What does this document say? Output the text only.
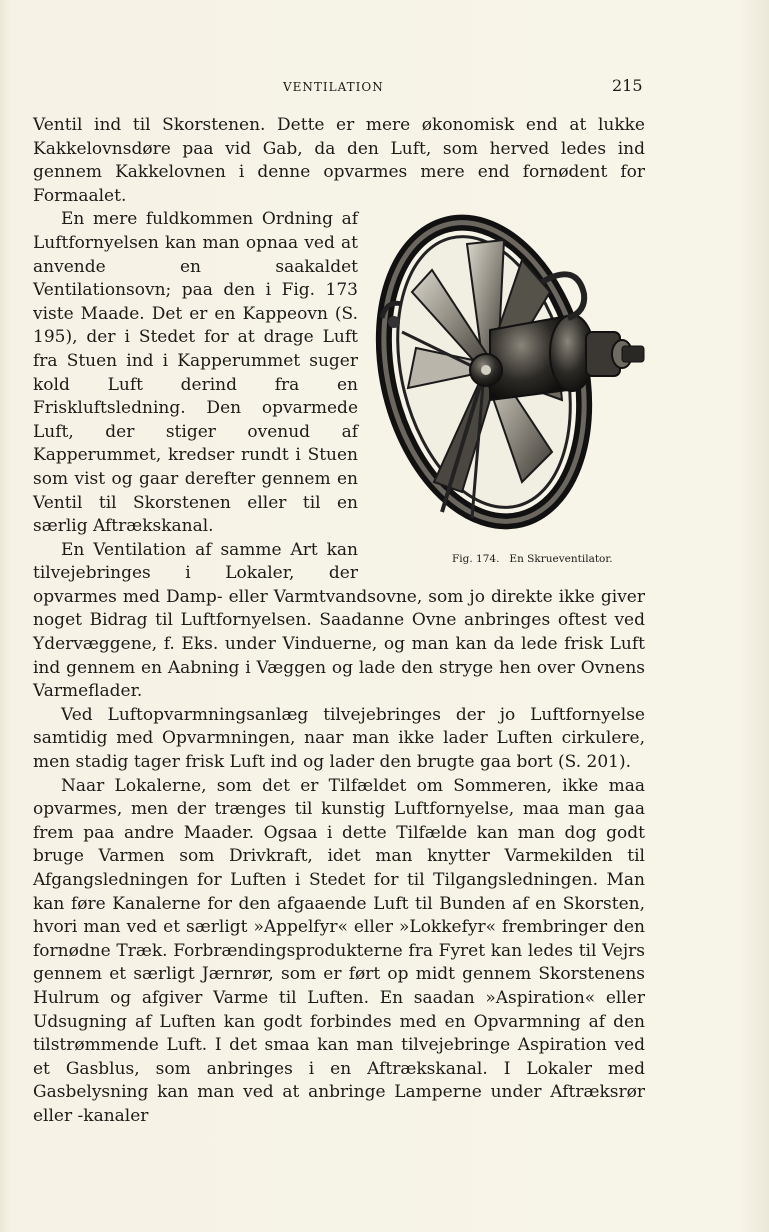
VENTILATION	215

Ventil ind til Skorstenen. Dette er mere økonomisk end at lukke Kakkelovnsdøre paa vid Gab, da den Luft, som herved ledes ind gennem Kakkelovnen i denne opvarmes mere end fornødent for Formaalet.

Fig. 174. En Skrueventilator.
En mere fuldkommen Ordning af Luftfornyelsen kan man opnaa ved at anvende en saakaldet Ventilationsovn; paa den i Fig. 173 viste Maade. Det er en Kappeovn (S. 195), der i Stedet for at drage Luft fra Stuen ind i Kapperummet suger kold Luft derind fra en Friskluftsledning. Den opvarmede Luft, der stiger ovenud af Kapperummet, kredser rundt i Stuen som vist og gaar derefter gennem en Ventil til Skorstenen eller til en særlig Aftrækskanal.

En Ventilation af samme Art kan tilvejebringes i Lokaler, der opvarmes med Damp- eller Varmtvandsovne, som jo direkte ikke giver noget Bidrag til Luftfornyelsen. Saadanne Ovne anbringes oftest ved Ydervæggene, f. Eks. under Vinduerne, og man kan da lede frisk Luft ind gennem en Aabning i Væggen og lade den stryge hen over Ovnens Varmeflader.

Ved Luftopvarmningsanlæg tilvejebringes der jo Luftfornyelse samtidig med Opvarmningen, naar man ikke lader Luften cirkulere, men stadig tager frisk Luft ind og lader den brugte gaa bort (S. 201).

Naar Lokalerne, som det er Tilfældet om Sommeren, ikke maa opvarmes, men der trænges til kunstig Luftfornyelse, maa man gaa frem paa andre Maader. Ogsaa i dette Tilfælde kan man dog godt bruge Varmen som Drivkraft, idet man knytter Varmekilden til Afgangsledningen for Luften i Stedet for til Tilgangsledningen. Man kan føre Kanalerne for den afgaaende Luft til Bunden af en Skorsten, hvori man ved et særligt »Appelfyr« eller »Lokkefyr« frembringer den fornødne Træk. Forbrændingsprodukterne fra Fyret kan ledes til Vejrs gennem et særligt Jærnrør, som er ført op midt gennem Skorstenens Hulrum og afgiver Varme til Luften. En saadan »Aspiration« eller Udsugning af Luften kan godt forbindes med en Opvarmning af den tilstrømmende Luft. I det smaa kan man tilvejebringe Aspiration ved et Gasblus, som anbringes i en Aftrækskanal. I Lokaler med Gasbelysning kan man ved at anbringe Lamperne under Aftræksrør eller -kanaler
